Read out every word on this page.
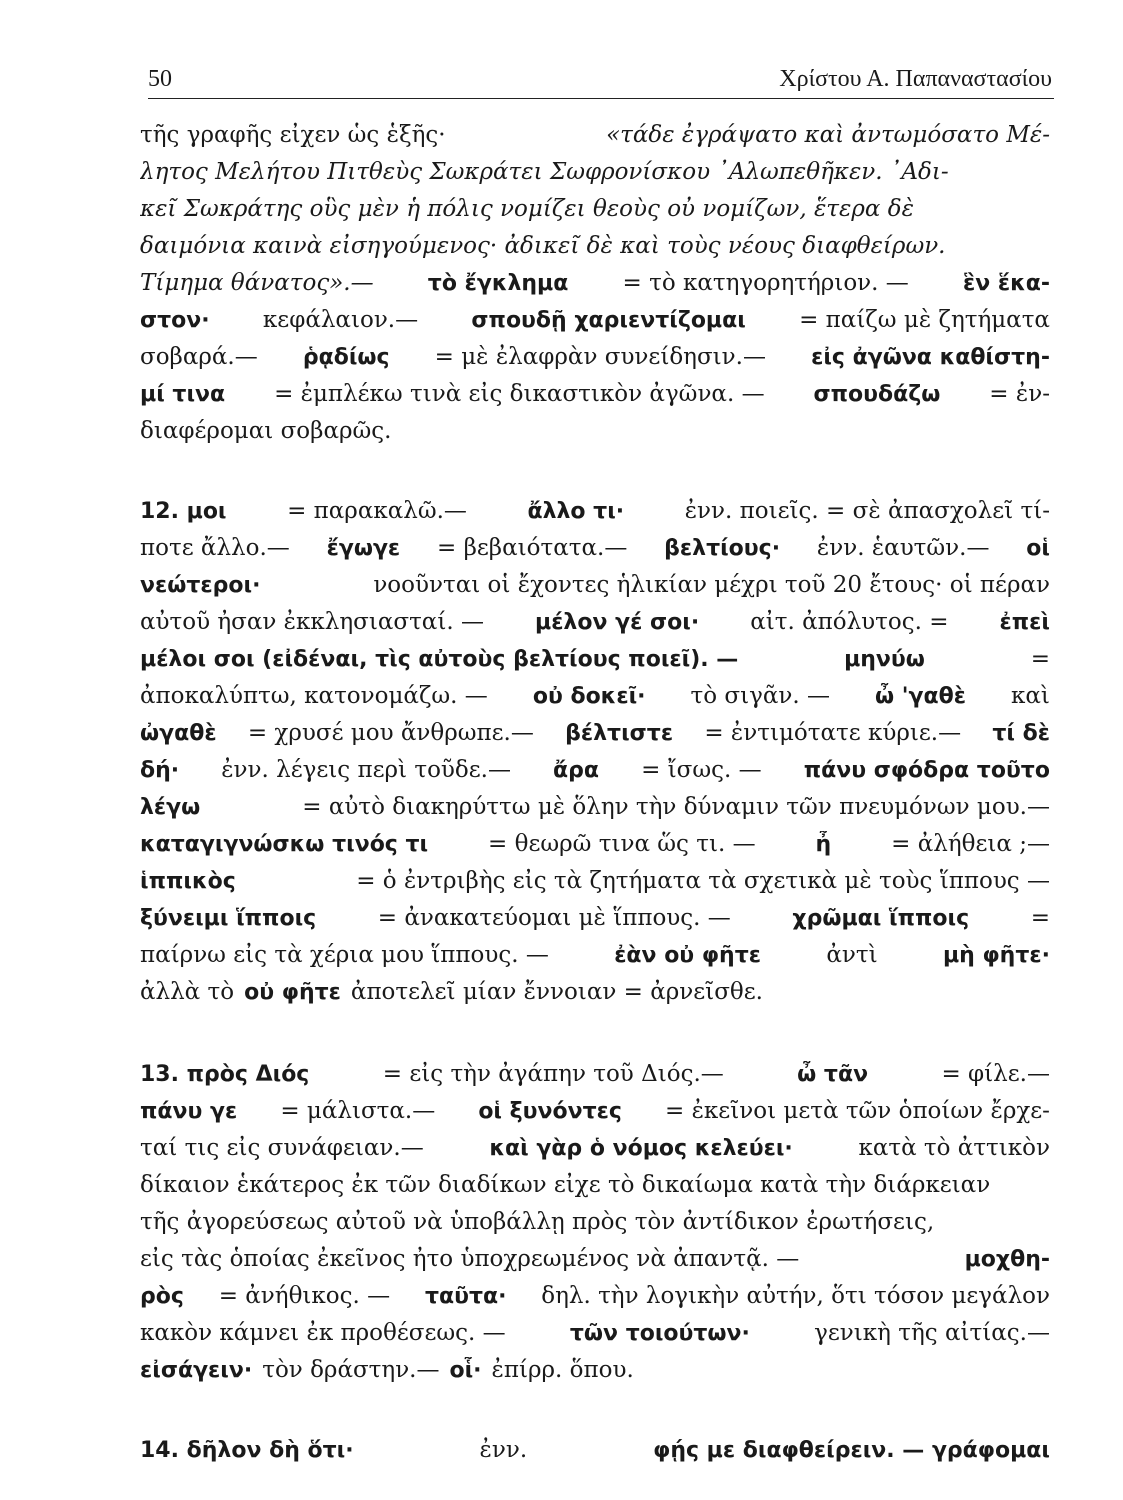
50	Χρίστου Α. Παπαναστασίου
τῆς γραφῆς εἶχεν ὡς ἑξῆς·	«τάδε ἐγράψατο καὶ ἀντωμόσατο Μέ-
λητος Μελήτου Πιτθεὺς Σωκράτει Σωφρονίσκου ᾿Αλωπεθῆκεν. ᾿Αδι-
κεῖ Σωκράτης οὓς μὲν ἡ πόλις νομίζει θεοὺς οὐ νομίζων, ἕτερα δὲ
δαιμόνια καινὰ εἰσηγούμενος· ἀδικεῖ δὲ καὶ τοὺς νέους διαφθείρων.
Τίμημα θάνατος».— τὸ ἔγκλημα = τὸ κατηγορητήριον. — ἓν ἕκα-
στον· κεφάλαιον.— σπουδῇ χαριεντίζομαι = παίζω μὲ ζητήματα
σοβαρά.— ῥᾳδίως = μὲ ἐλαφρὰν συνείδησιν.— εἰς ἀγῶνα καθίστη-
μί τινα = ἐμπλέκω τινὰ εἰς δικαστικὸν ἀγῶνα. — σπουδάζω = ἐν-
διαφέρομαι σοβαρῶς.
12. μοι	= παρακαλῶ.—	ἄλλο τι·	ἐνν. ποιεῖς. = σὲ ἀπασχολεῖ τί-
ποτε ἄλλο.— ἔγωγε = βεβαιότατα.— βελτίους· ἐνν. ἑαυτῶν.— οἱ
νεώτεροι·	νοοῦνται οἱ ἔχοντες ἡλικίαν μέχρι τοῦ 20 ἔτους· οἱ πέραν
αὐτοῦ ἦσαν ἐκκλησιασταί. — μέλον γέ σοι· αἰτ. ἀπόλυτος. = ἐπεὶ
μέλοι σοι (εἰδέναι, τὶς αὐτοὺς βελτίους ποιεῖ). —	μηνύω	=
ἀποκαλύπτω, κατονομάζω. — οὐ δοκεῖ· τὸ σιγᾶν. — ὦ 'γαθὲ καὶ
ὠγαθὲ = χρυσέ μου ἄνθρωπε.— βέλτιστε = ἐντιμότατε κύριε.— τί δὲ
δή· ἐνν. λέγεις περὶ τοῦδε.— ἄρα = ἴσως. — πάνυ σφόδρα τοῦτο
λέγω	= αὐτὸ διακηρύττω μὲ ὅλην τὴν δύναμιν τῶν πνευμόνων μου.—
καταγιγνώσκω τινός τι	= θεωρῶ τινα ὥς τι. —	ἦ	= ἀλήθεια ;—
ἱππικὸς	= ὁ ἐντριβὴς εἰς τὰ ζητήματα τὰ σχετικὰ μὲ τοὺς ἵππους —
ξύνειμι ἵπποις	= ἀνακατεύομαι μὲ ἵππους. —	χρῶμαι ἵπποις	=
παίρνω εἰς τὰ χέρια μου ἵππους. —	ἐὰν οὐ φῆτε	ἀντὶ	μὴ φῆτε·
ἀλλὰ τὸ οὐ φῆτε ἀποτελεῖ μίαν ἔννοιαν = ἀρνεῖσθε.
13. πρὸς Διός	= εἰς τὴν ἀγάπην τοῦ Διός.—	ὦ τᾶν	= φίλε.—
πάνυ γε = μάλιστα.— οἱ ξυνόντες = ἐκεῖνοι μετὰ τῶν ὁποίων ἔρχε-
ταί τις εἰς συνάφειαν.—	καὶ γὰρ ὁ νόμος κελεύει·	κατὰ τὸ ἀττικὸν
δίκαιον ἑκάτερος ἐκ τῶν διαδίκων εἶχε τὸ δικαίωμα κατὰ τὴν διάρκειαν
τῆς ἀγορεύσεως αὐτοῦ νὰ ὑποβάλλῃ πρὸς τὸν ἀντίδικον ἐρωτήσεις,
εἰς τὰς ὁποίας ἐκεῖνος ἦτο ὑποχρεωμένος νὰ ἀπαντᾷ. —	μοχθη-
ρὸς = ἀνήθικος. — ταῦτα· δηλ. τὴν λογικὴν αὐτήν, ὅτι τόσον μεγάλον
κακὸν κάμνει ἐκ προθέσεως. —	τῶν τοιούτων·	γενικὴ τῆς αἰτίας.—
εἰσάγειν· τὸν δράστην.— οἷ· ἐπίρρ. ὅπου.
14. δῆλον δὴ ὅτι·	ἐνν.	φῄς με διαφθείρειν. — γράφομαι
